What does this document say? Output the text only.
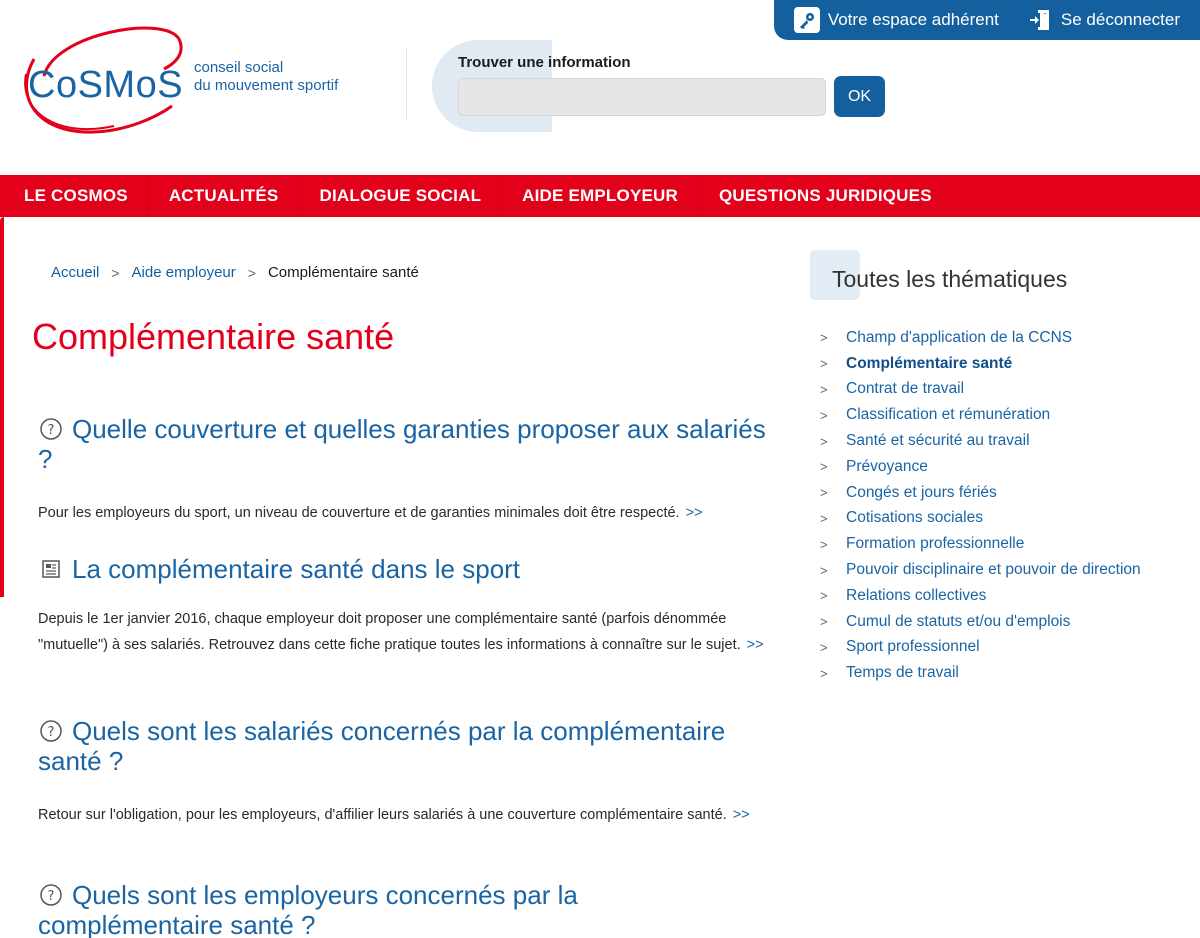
Votre espace adhérent	Se déconnecter
CoSMoS conseil social
du mouvement sportif
Trouver une information
OK
LE COSMOS	ACTUALITÉS	DIALOGUE SOCIAL	AIDE EMPLOYEUR	QUESTIONS JURIDIQUES
Accueil > Aide employeur > Complémentaire santé
Complémentaire santé
? Quelle couverture et quelles garanties proposer aux salariés ?

Pour les employeurs du sport, un niveau de couverture et de garanties minimales doit être respecté. >>

La complémentaire santé dans le sport

Depuis le 1er janvier 2016, chaque employeur doit proposer une complémentaire santé (parfois dénommée "mutuelle") à ses salariés. Retrouvez dans cette fiche pratique toutes les informations à connaître sur le sujet. >>

? Quels sont les salariés concernés par la complémentaire santé ?

Retour sur l'obligation, pour les employeurs, d'affilier leurs salariés à une couverture complémentaire santé. >>

? Quels sont les employeurs concernés par la complémentaire santé ?
Toutes les thématiques
>	Champ d'application de la CCNS
>	Complémentaire santé
>	Contrat de travail
>	Classification et rémunération
>	Santé et sécurité au travail
>	Prévoyance
>	Congés et jours fériés
>	Cotisations sociales
>	Formation professionnelle
>	Pouvoir disciplinaire et pouvoir de direction
>	Relations collectives
>	Cumul de statuts et/ou d'emplois
>	Sport professionnel
>	Temps de travail
